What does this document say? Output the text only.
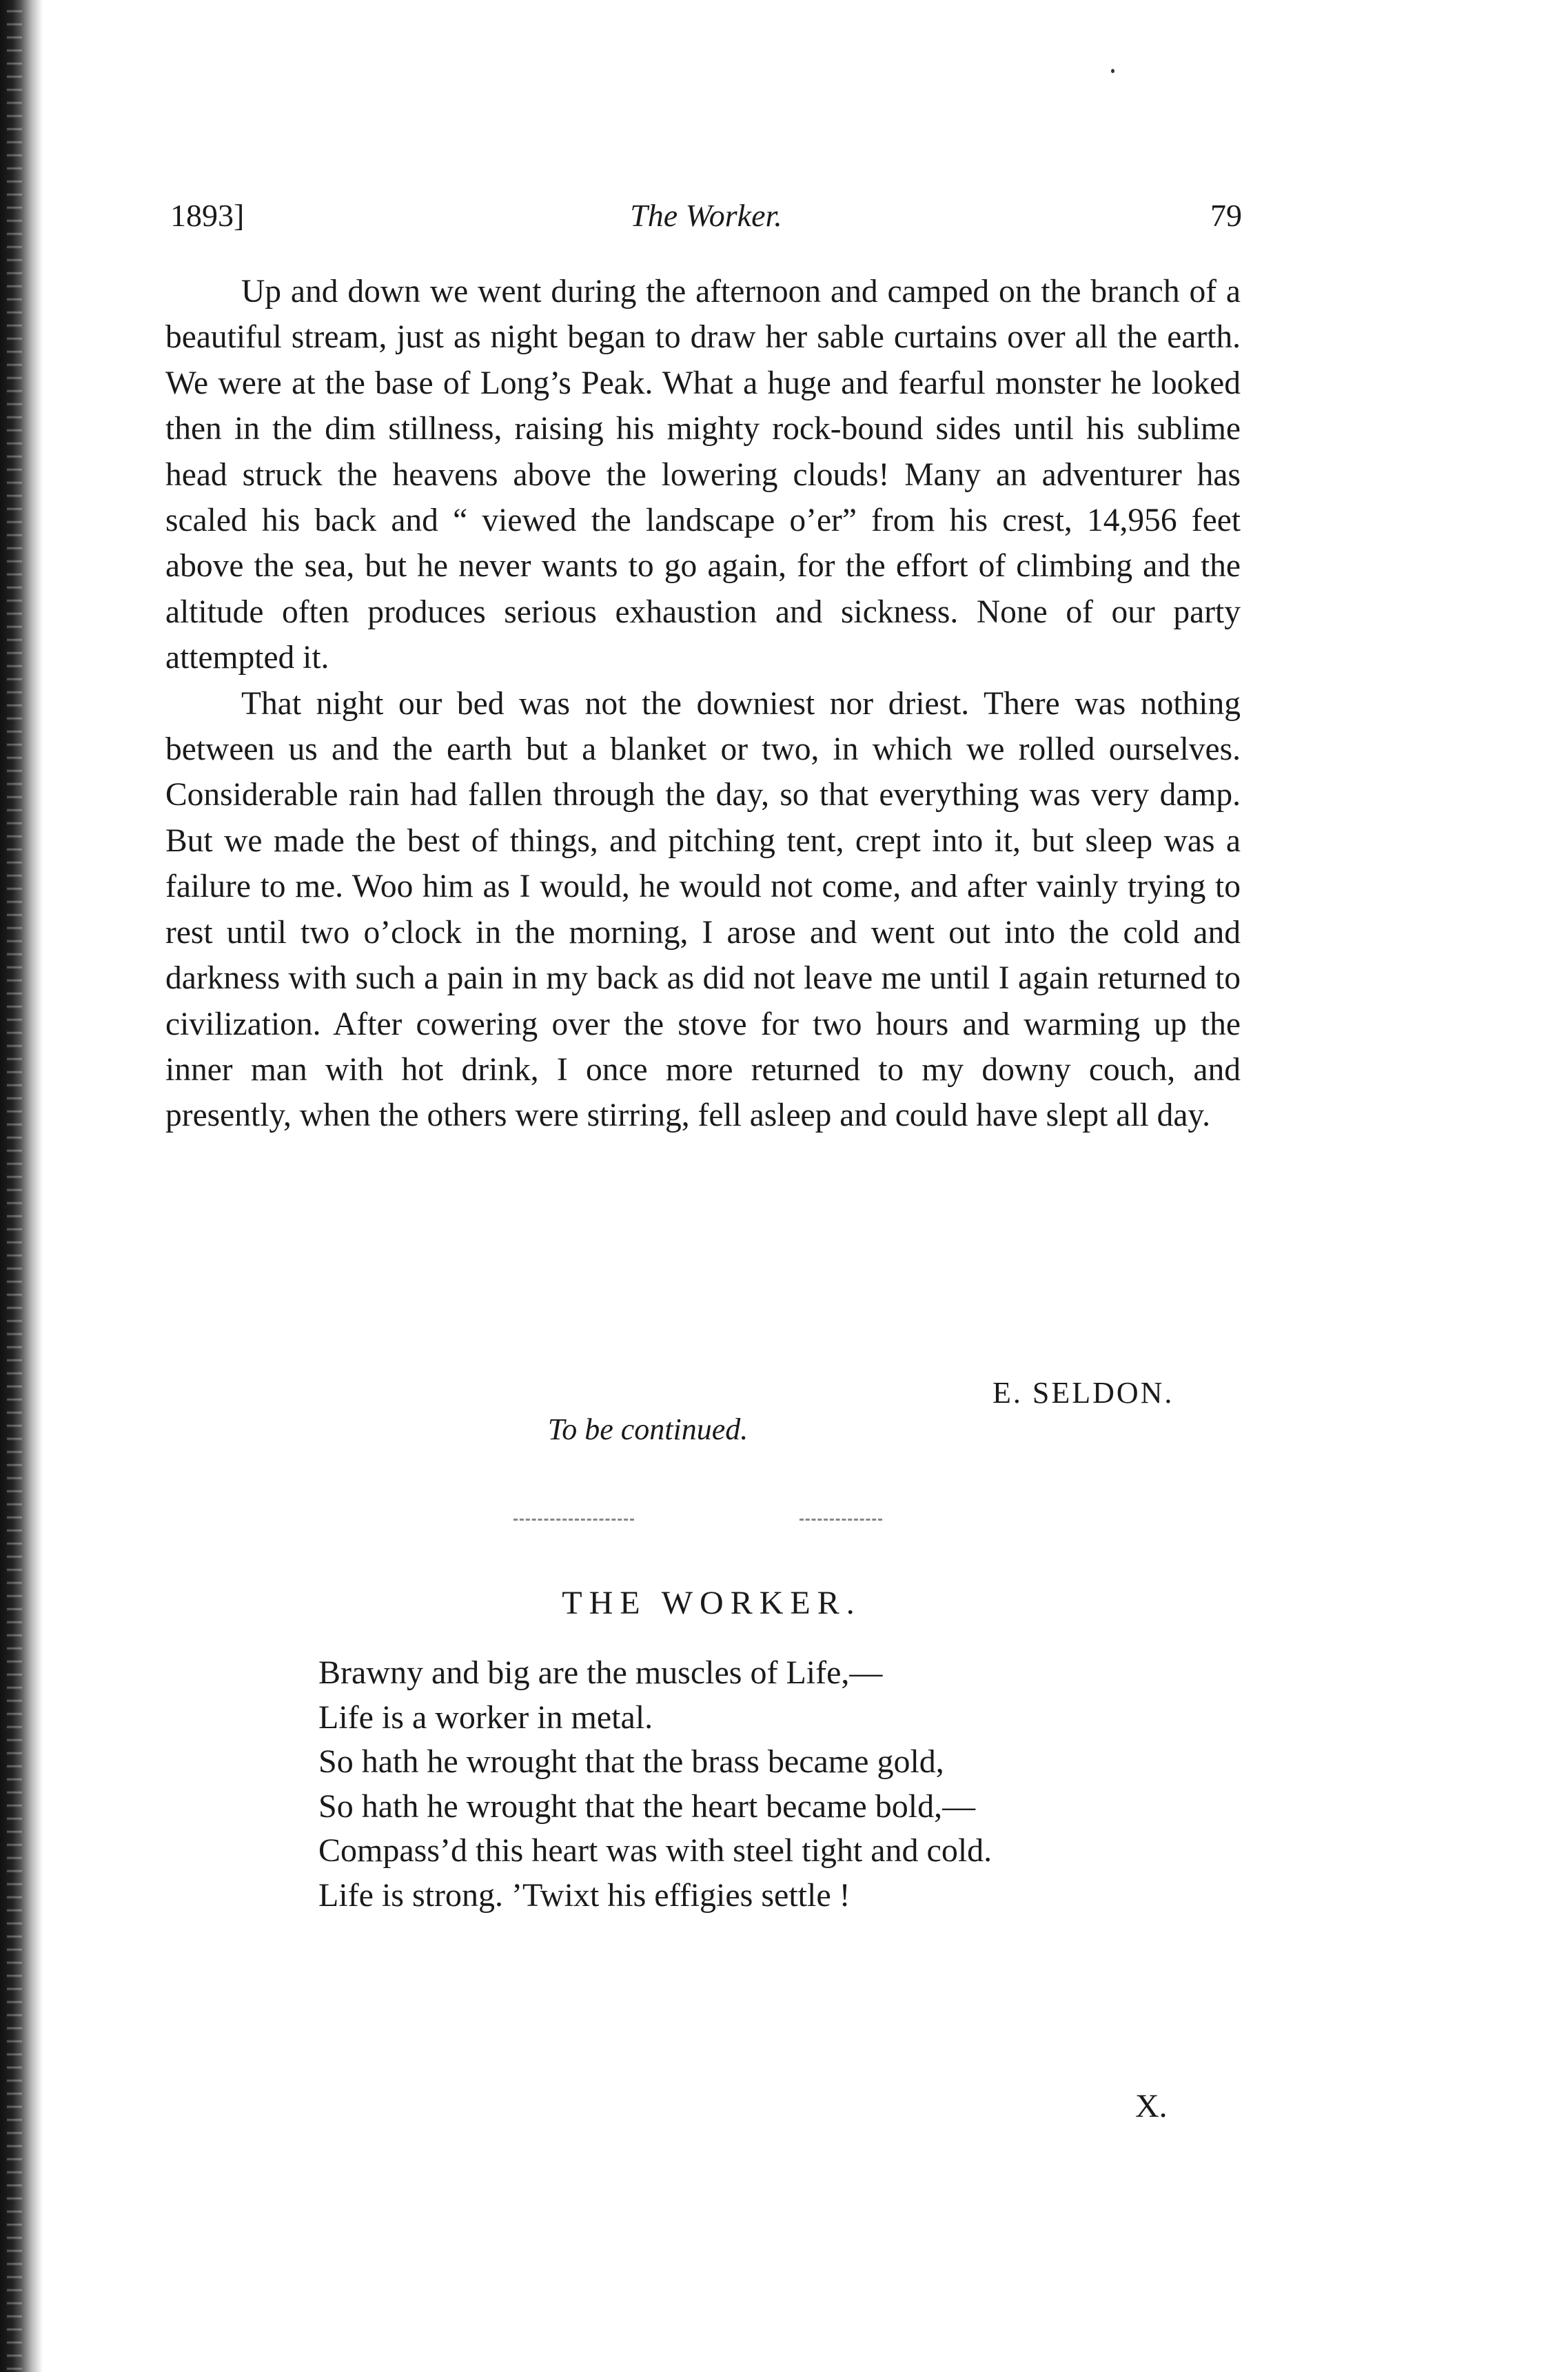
1893]	The Worker.	79

Up and down we went during the afternoon and camped on the branch of a beautiful stream, just as night began to draw her sable curtains over all the earth. We were at the base of Long’s Peak. What a huge and fearful monster he looked then in the dim stillness, raising his mighty rock-bound sides until his sublime head struck the heavens above the lowering clouds! Many an adventurer has scaled his back and “ viewed the landscape o’er” from his crest, 14,956 feet above the sea, but he never wants to go again, for the effort of climbing and the altitude often produces serious exhaustion and sickness. None of our party attempted it.

That night our bed was not the downiest nor driest. There was nothing between us and the earth but a blanket or two, in which we rolled ourselves. Considerable rain had fallen through the day, so that everything was very damp. But we made the best of things, and pitching tent, crept into it, but sleep was a failure to me. Woo him as I would, he would not come, and after vainly trying to rest until two o’clock in the morning, I arose and went out into the cold and darkness with such a pain in my back as did not leave me until I again returned to civilization. After cowering over the stove for two hours and warming up the inner man with hot drink, I once more returned to my downy couch, and presently, when the others were stirring, fell asleep and could have slept all day.

E. SELDON.
To be continued.
THE WORKER.
Brawny and big are the muscles of Life,—
Life is a worker in metal.
So hath he wrought that the brass became gold,
So hath he wrought that the heart became bold,—
Compass’d this heart was with steel tight and cold.
Life is strong. ’Twixt his effigies settle !
X.
